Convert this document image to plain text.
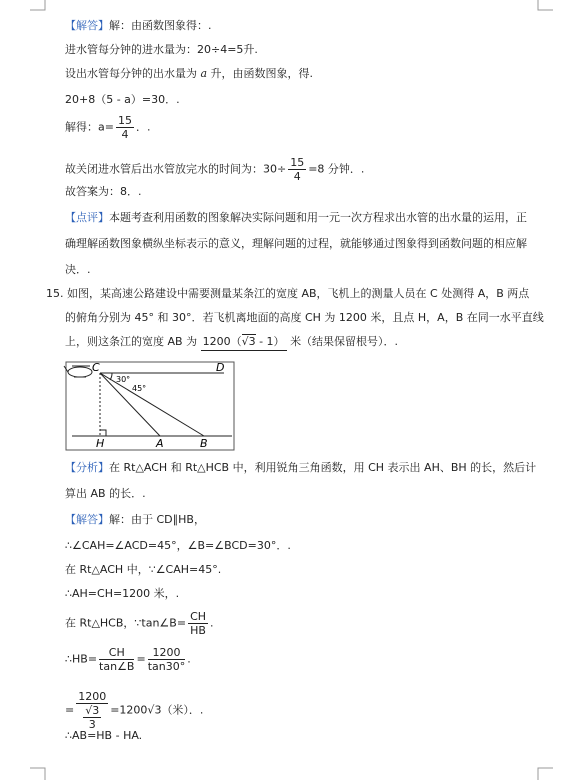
【解答】解：由函数图象得：.
进水管每分钟的进水量为：20÷4=5升.
设出水管每分钟的出水量为 a 升，由函数图象，得.
20+8（5 - a）=30．.
解得：$a= \frac{15}{4}$ ．.
故关闭进水管后出水管放完水的时间为：$30\div \frac{15}{4} =8$ 分钟．.
故答案为：8．.
【点评】本题考查利用函数的图象解决实际问题和用一元一次方程求出水管的出水量的运用，正
确理解函数图象横纵坐标表示的意义，理解问题的过程，就能够通过图象得到函数问题的相应解
决．.
15. 如图，某高速公路建设中需要测量某条江的宽度 AB，飞机上的测量人员在 C 处测得 A，B 两点
的俯角分别为 45° 和 30°．若飞机离地面的高度 CH 为 1200 米，且点 H，A，B 在同一水平直线
上，则这条江的宽度 AB 为 1200（√3 - 1） 米（结果保留根号）．.
C	D
H	A	B
30°
45°
【分析】在 Rt△ACH 和 Rt△HCB 中，利用锐角三角函数，用 CH 表示出 AH、BH 的长，然后计
算出 AB 的长．.
【解答】解：由于 CD∥HB，
∴∠CAH=∠ACD=45°，∠B=∠BCD=30°．.
在 Rt△ACH 中，∵∠CAH=45°.
∴AH=CH=1200 米，.
在 Rt△HCB，∵tan∠B= $\frac{CH}{HB}$ .
∴HB= $\frac{CH}{\tan\angle B} = \frac{1200}{\tan 30^\circ}$ .
= $\frac{1200}{\frac{√3}{3}} =1200√3$（米）．.
∴AB=HB - HA.
